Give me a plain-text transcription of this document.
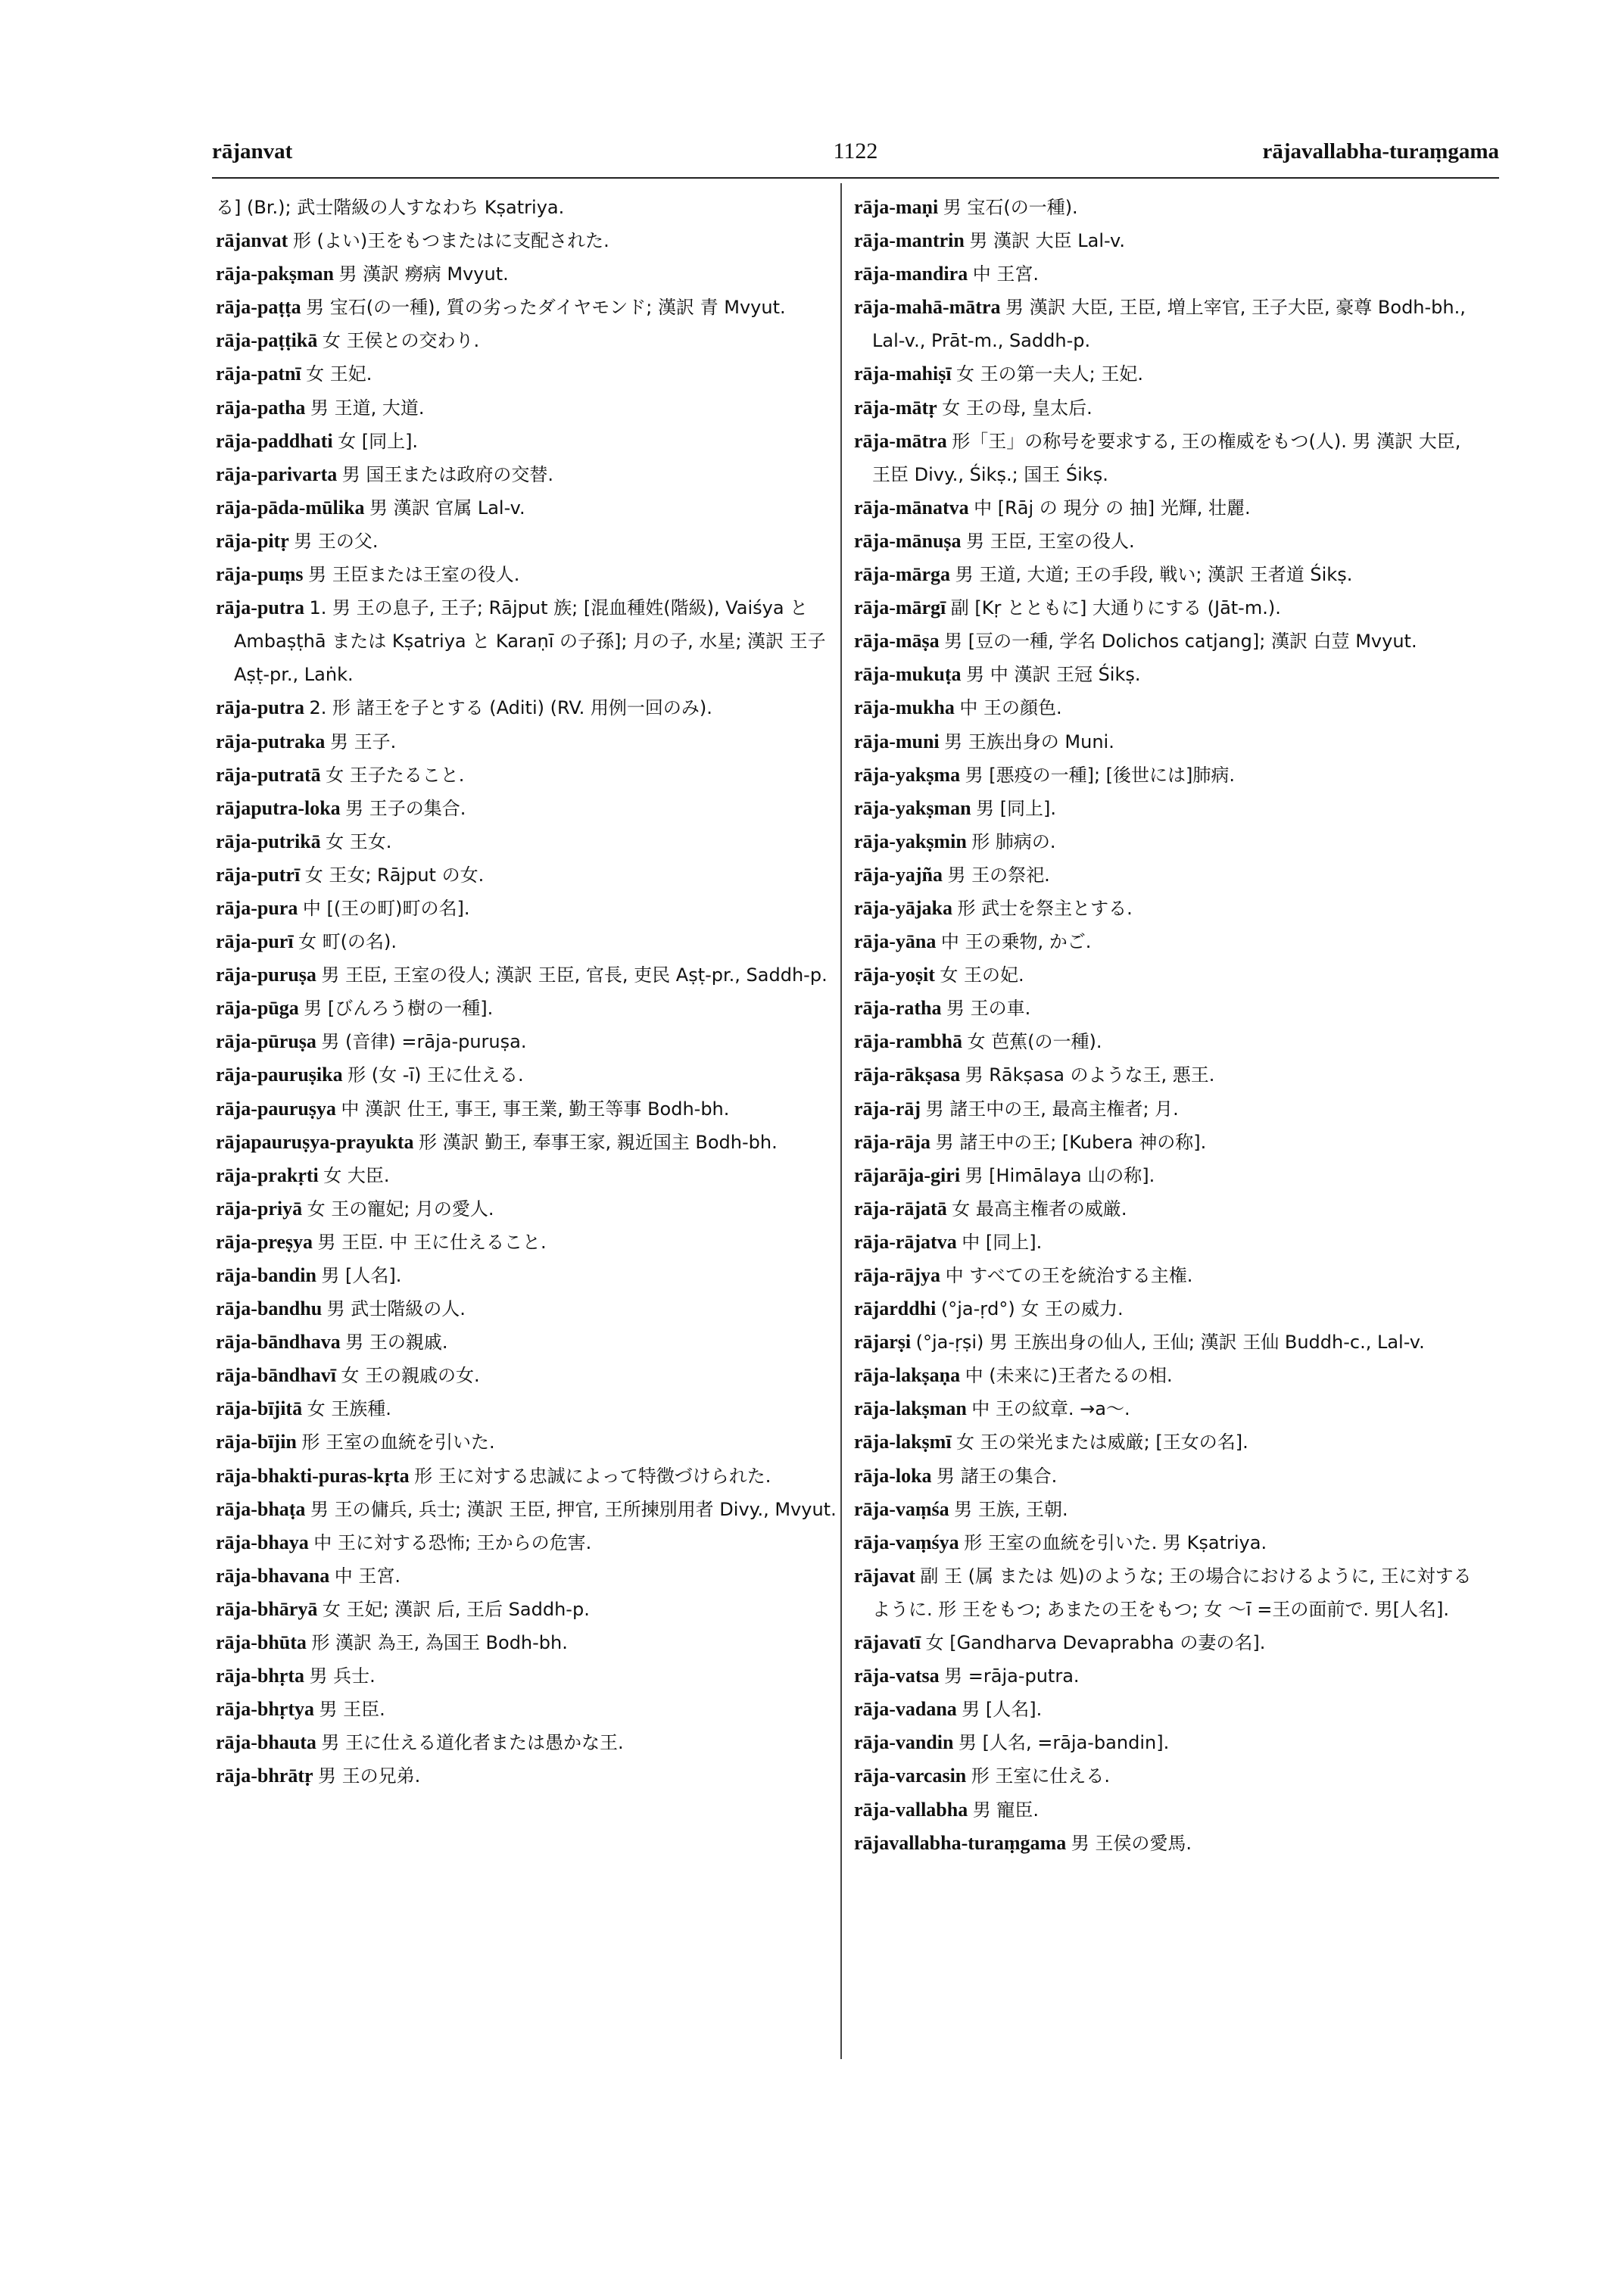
rājanvat	1122	rājavallabha-turaṃgama
る] (Br.); 武士階級の人すなわち Kṣatriya.
rājanvat 形 (よい)王をもつまたはに支配された.
rāja-pakṣman 男 漢訳 癆病 Mvyut.
rāja-paṭṭa 男 宝石(の一種), 質の劣ったダイヤモンド; 漢訳 青 Mvyut.
rāja-paṭṭikā 女 王侯との交わり.
rāja-patnī 女 王妃.
rāja-patha 男 王道, 大道.
rāja-paddhati 女 [同上].
rāja-parivarta 男 国王または政府の交替.
rāja-pāda-mūlika 男 漢訳 官属 Lal-v.
rāja-pitṛ 男 王の父.
rāja-puṃs 男 王臣または王室の役人.
rāja-putra 1. 男 王の息子, 王子; Rājput 族; [混血種姓(階級), Vaiśya と Ambaṣṭhā または Kṣatriya と Karaṇī の子孫]; 月の子, 水星; 漢訳 王子 Aṣṭ-pr., Laṅk.
rāja-putra 2. 形 諸王を子とする (Aditi) (RV. 用例一回のみ).
rāja-putraka 男 王子.
rāja-putratā 女 王子たること.
rājaputra-loka 男 王子の集合.
rāja-putrikā 女 王女.
rāja-putrī 女 王女; Rājput の女.
rāja-pura 中 [(王の町)町の名].
rāja-purī 女 町(の名).
rāja-puruṣa 男 王臣, 王室の役人; 漢訳 王臣, 官長, 吏民 Aṣṭ-pr., Saddh-p.
rāja-pūga 男 [びんろう樹の一種].
rāja-pūruṣa 男 (音律) =rāja-puruṣa.
rāja-pauruṣika 形 (女 -ī) 王に仕える.
rāja-pauruṣya 中 漢訳 仕王, 事王, 事王業, 勤王等事 Bodh-bh.
rājapauruṣya-prayukta 形 漢訳 勤王, 奉事王家, 親近国主 Bodh-bh.
rāja-prakṛti 女 大臣.
rāja-priyā 女 王の寵妃; 月の愛人.
rāja-preṣya 男 王臣. 中 王に仕えること.
rāja-bandin 男 [人名].
rāja-bandhu 男 武士階級の人.
rāja-bāndhava 男 王の親戚.
rāja-bāndhavī 女 王の親戚の女.
rāja-bījitā 女 王族種.
rāja-bījin 形 王室の血統を引いた.
rāja-bhakti-puras-kṛta 形 王に対する忠誠によって特徴づけられた.
rāja-bhaṭa 男 王の傭兵, 兵士; 漢訳 王臣, 押官, 王所揀別用者 Divy., Mvyut.
rāja-bhaya 中 王に対する恐怖; 王からの危害.
rāja-bhavana 中 王宮.
rāja-bhāryā 女 王妃; 漢訳 后, 王后 Saddh-p.
rāja-bhūta 形 漢訳 為王, 為国王 Bodh-bh.
rāja-bhṛta 男 兵士.
rāja-bhṛtya 男 王臣.
rāja-bhauta 男 王に仕える道化者または愚かな王.
rāja-bhrātṛ 男 王の兄弟.
rāja-maṇi 男 宝石(の一種).
rāja-mantrin 男 漢訳 大臣 Lal-v.
rāja-mandira 中 王宮.
rāja-mahā-mātra 男 漢訳 大臣, 王臣, 増上宰官, 王子大臣, 豪尊 Bodh-bh., Lal-v., Prāt-m., Saddh-p.
rāja-mahiṣī 女 王の第一夫人; 王妃.
rāja-mātṛ 女 王の母, 皇太后.
rāja-mātra 形「王」の称号を要求する, 王の権威をもつ(人). 男 漢訳 大臣, 王臣 Divy., Śikṣ.; 国王 Śikṣ.
rāja-mānatva 中 [Rāj の 現分 の 抽] 光輝, 壮麗.
rāja-mānuṣa 男 王臣, 王室の役人.
rāja-mārga 男 王道, 大道; 王の手段, 戦い; 漢訳 王者道 Śikṣ.
rāja-mārgī 副 [Kṛ とともに] 大通りにする (Jāt-m.).
rāja-māṣa 男 [豆の一種, 学名 Dolichos catjang]; 漢訳 白荳 Mvyut.
rāja-mukuṭa 男 中 漢訳 王冠 Śikṣ.
rāja-mukha 中 王の顔色.
rāja-muni 男 王族出身の Muni.
rāja-yakṣma 男 [悪疫の一種]; [後世には]肺病.
rāja-yakṣman 男 [同上].
rāja-yakṣmin 形 肺病の.
rāja-yajña 男 王の祭祀.
rāja-yājaka 形 武士を祭主とする.
rāja-yāna 中 王の乗物, かご.
rāja-yoṣit 女 王の妃.
rāja-ratha 男 王の車.
rāja-rambhā 女 芭蕉(の一種).
rāja-rākṣasa 男 Rākṣasa のような王, 悪王.
rāja-rāj 男 諸王中の王, 最高主権者; 月.
rāja-rāja 男 諸王中の王; [Kubera 神の称].
rājarāja-giri 男 [Himālaya 山の称].
rāja-rājatā 女 最高主権者の威厳.
rāja-rājatva 中 [同上].
rāja-rājya 中 すべての王を統治する主権.
rājarddhi (°ja-ṛd°) 女 王の威力.
rājarṣi (°ja-ṛṣi) 男 王族出身の仙人, 王仙; 漢訳 王仙 Buddh-c., Lal-v.
rāja-lakṣaṇa 中 (未来に)王者たるの相.
rāja-lakṣman 中 王の紋章. →a～.
rāja-lakṣmī 女 王の栄光または威厳; [王女の名].
rāja-loka 男 諸王の集合.
rāja-vaṃśa 男 王族, 王朝.
rāja-vaṃśya 形 王室の血統を引いた. 男 Kṣatriya.
rājavat 副 王 (属 または 処)のような; 王の場合におけるように, 王に対するように. 形 王をもつ; あまたの王をもつ; 女 ～ī =王の面前で. 男[人名].
rājavatī 女 [Gandharva Devaprabha の妻の名].
rāja-vatsa 男 =rāja-putra.
rāja-vadana 男 [人名].
rāja-vandin 男 [人名, =rāja-bandin].
rāja-varcasin 形 王室に仕える.
rāja-vallabha 男 寵臣.
rājavallabha-turaṃgama 男 王侯の愛馬.
